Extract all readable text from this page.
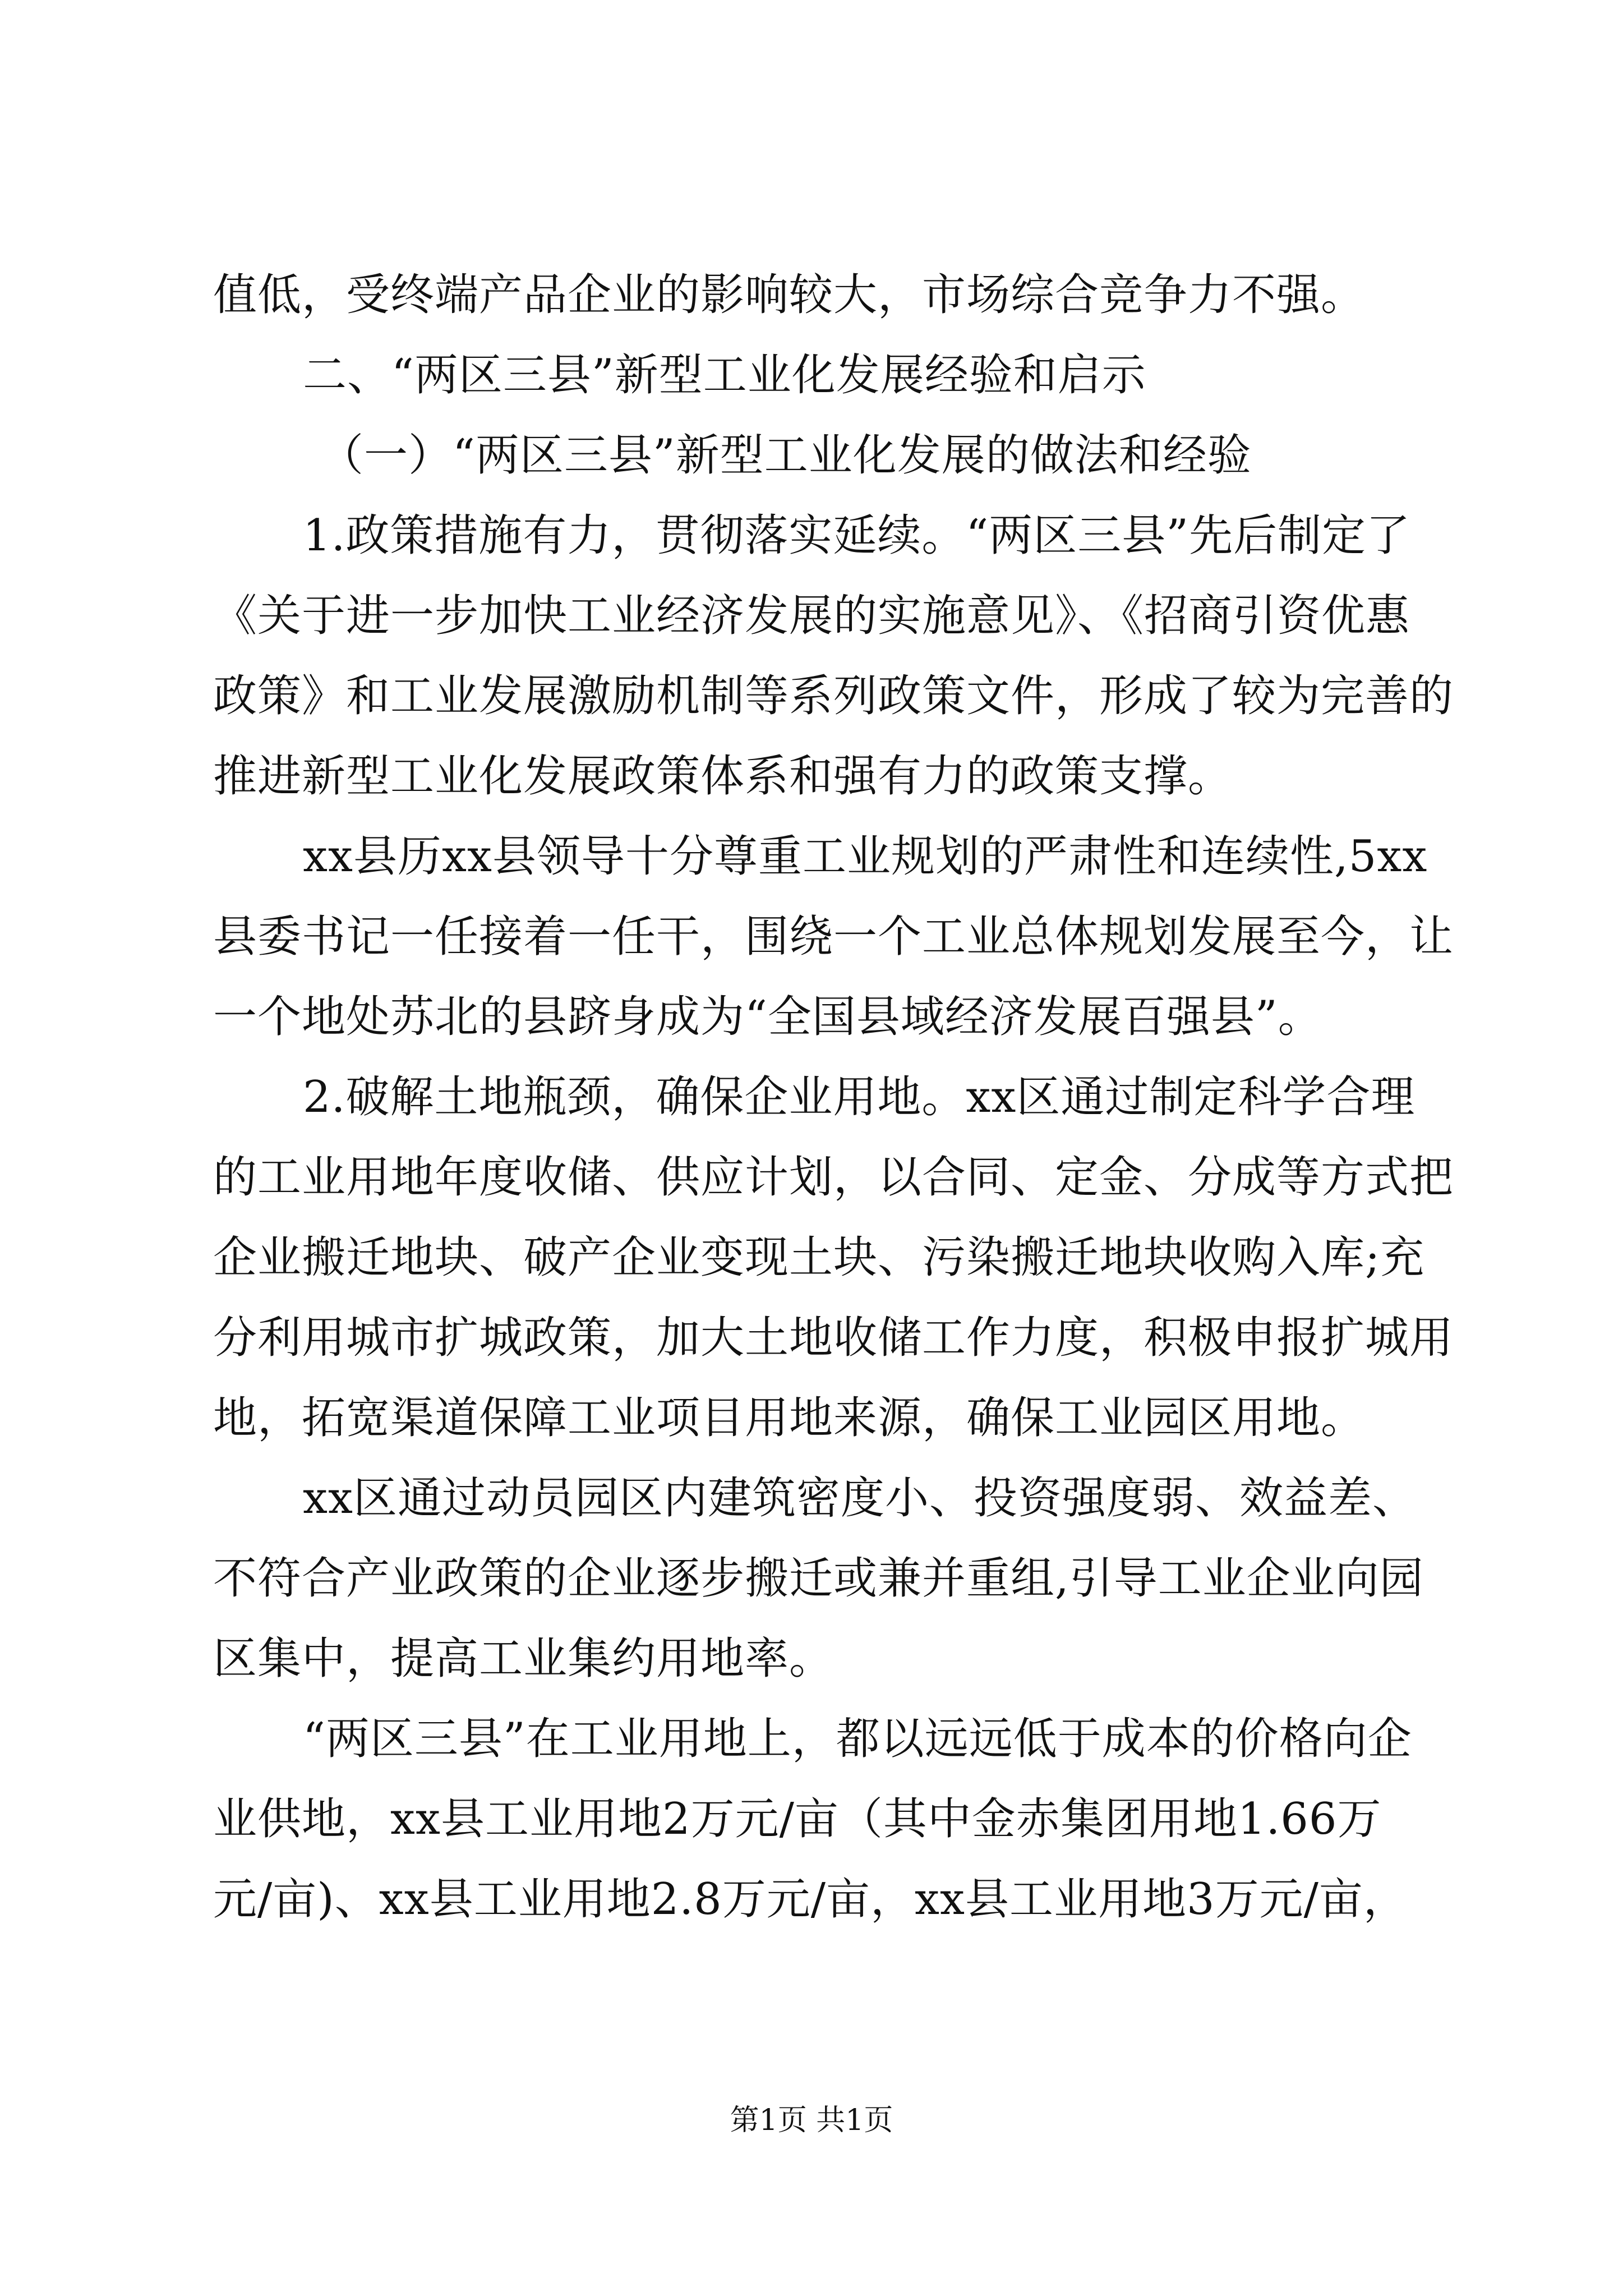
值低，受终端产品企业的影响较大，市场综合竞争力不强。
二、“两区三县”新型工业化发展经验和启示
（一）“两区三县”新型工业化发展的做法和经验
1.政策措施有力，贯彻落实延续。“两区三县”先后制定了
《关于进一步加快工业经济发展的实施意见》、《招商引资优惠
政策》和工业发展激励机制等系列政策文件，形成了较为完善的
推进新型工业化发展政策体系和强有力的政策支撑。
xx县历xx县领导十分尊重工业规划的严肃性和连续性,5xx
县委书记一任接着一任干，围绕一个工业总体规划发展至今，让
一个地处苏北的县跻身成为“全国县域经济发展百强县”。
2.破解土地瓶颈，确保企业用地。xx区通过制定科学合理
的工业用地年度收储、供应计划，以合同、定金、分成等方式把
企业搬迁地块、破产企业变现土块、污染搬迁地块收购入库;充
分利用城市扩城政策，加大土地收储工作力度，积极申报扩城用
地，拓宽渠道保障工业项目用地来源，确保工业园区用地。
xx区通过动员园区内建筑密度小、投资强度弱、效益差、
不符合产业政策的企业逐步搬迁或兼并重组,引导工业企业向园
区集中，提高工业集约用地率。
“两区三县”在工业用地上，都以远远低于成本的价格向企
业供地，xx县工业用地2万元/亩（其中金赤集团用地1.66万
元/亩)、xx县工业用地2.8万元/亩，xx县工业用地3万元/亩，
第1页 共1页
